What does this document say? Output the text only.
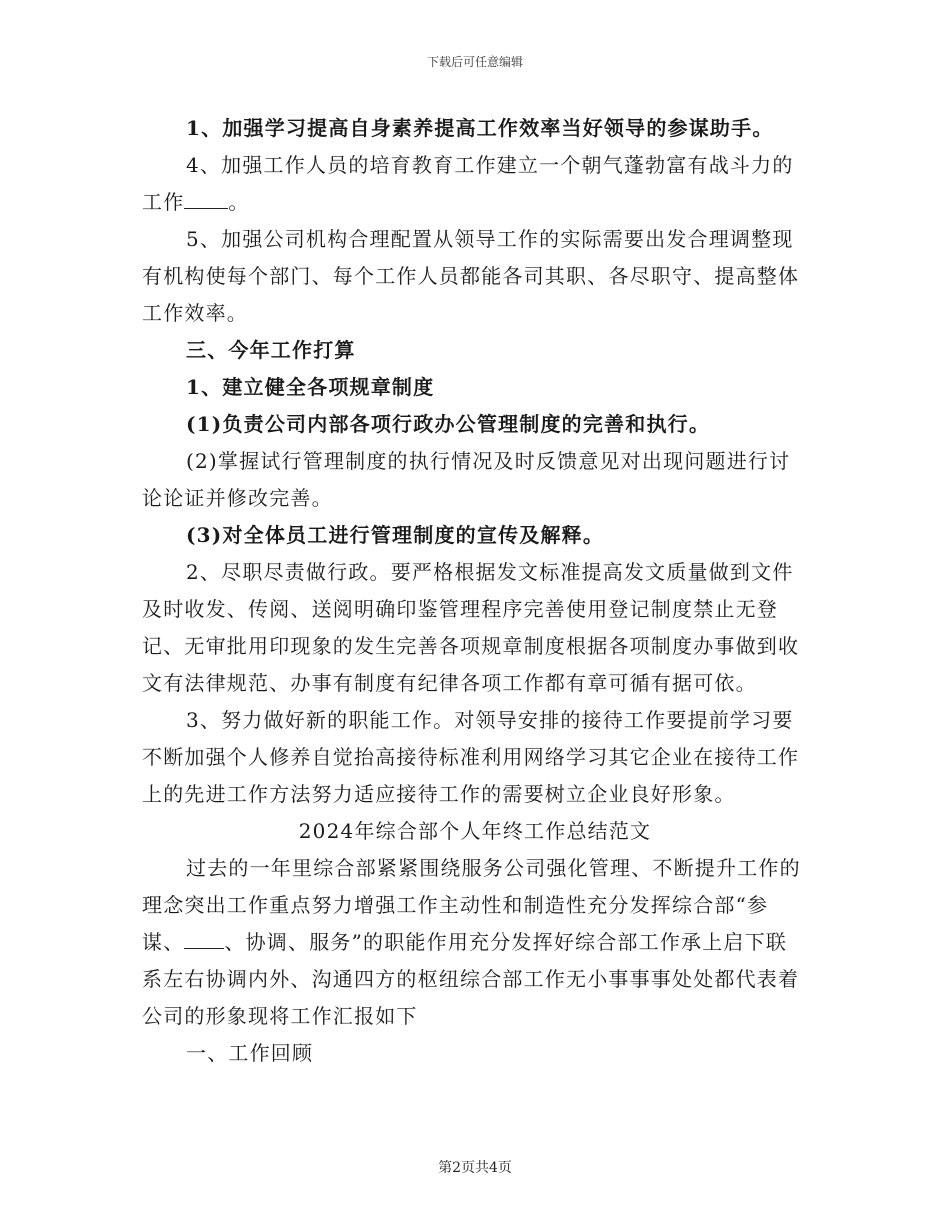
下载后可任意编辑

1、加强学习提高自身素养提高工作效率当好领导的参谋助手。

4、加强工作人员的培育教育工作建立一个朝气蓬勃富有战斗力的工作 。

5、加强公司机构合理配置从领导工作的实际需要出发合理调整现有机构使每个部门、每个工作人员都能各司其职、各尽职守、提高整体工作效率。

三、今年工作打算

1、建立健全各项规章制度

(1)负责公司内部各项行政办公管理制度的完善和执行。

(2)掌握试行管理制度的执行情况及时反馈意见对出现问题进行讨论论证并修改完善。

(3)对全体员工进行管理制度的宣传及解释。

2、尽职尽责做行政。要严格根据发文标准提高发文质量做到文件及时收发、传阅、送阅明确印鉴管理程序完善使用登记制度禁止无登记、无审批用印现象的发生完善各项规章制度根据各项制度办事做到收文有法律规范、办事有制度有纪律各项工作都有章可循有据可依。

3、努力做好新的职能工作。对领导安排的接待工作要提前学习要不断加强个人修养自觉抬高接待标准利用网络学习其它企业在接待工作上的先进工作方法努力适应接待工作的需要树立企业良好形象。

2024年综合部个人年终工作总结范文

过去的一年里综合部紧紧围绕服务公司强化管理、不断提升工作的理念突出工作重点努力增强工作主动性和制造性充分发挥综合部“参谋、 、协调、服务”的职能作用充分发挥好综合部工作承上启下联系左右协调内外、沟通四方的枢纽综合部工作无小事事事处处都代表着公司的形象现将工作汇报如下

一、工作回顾

第2页共4页
